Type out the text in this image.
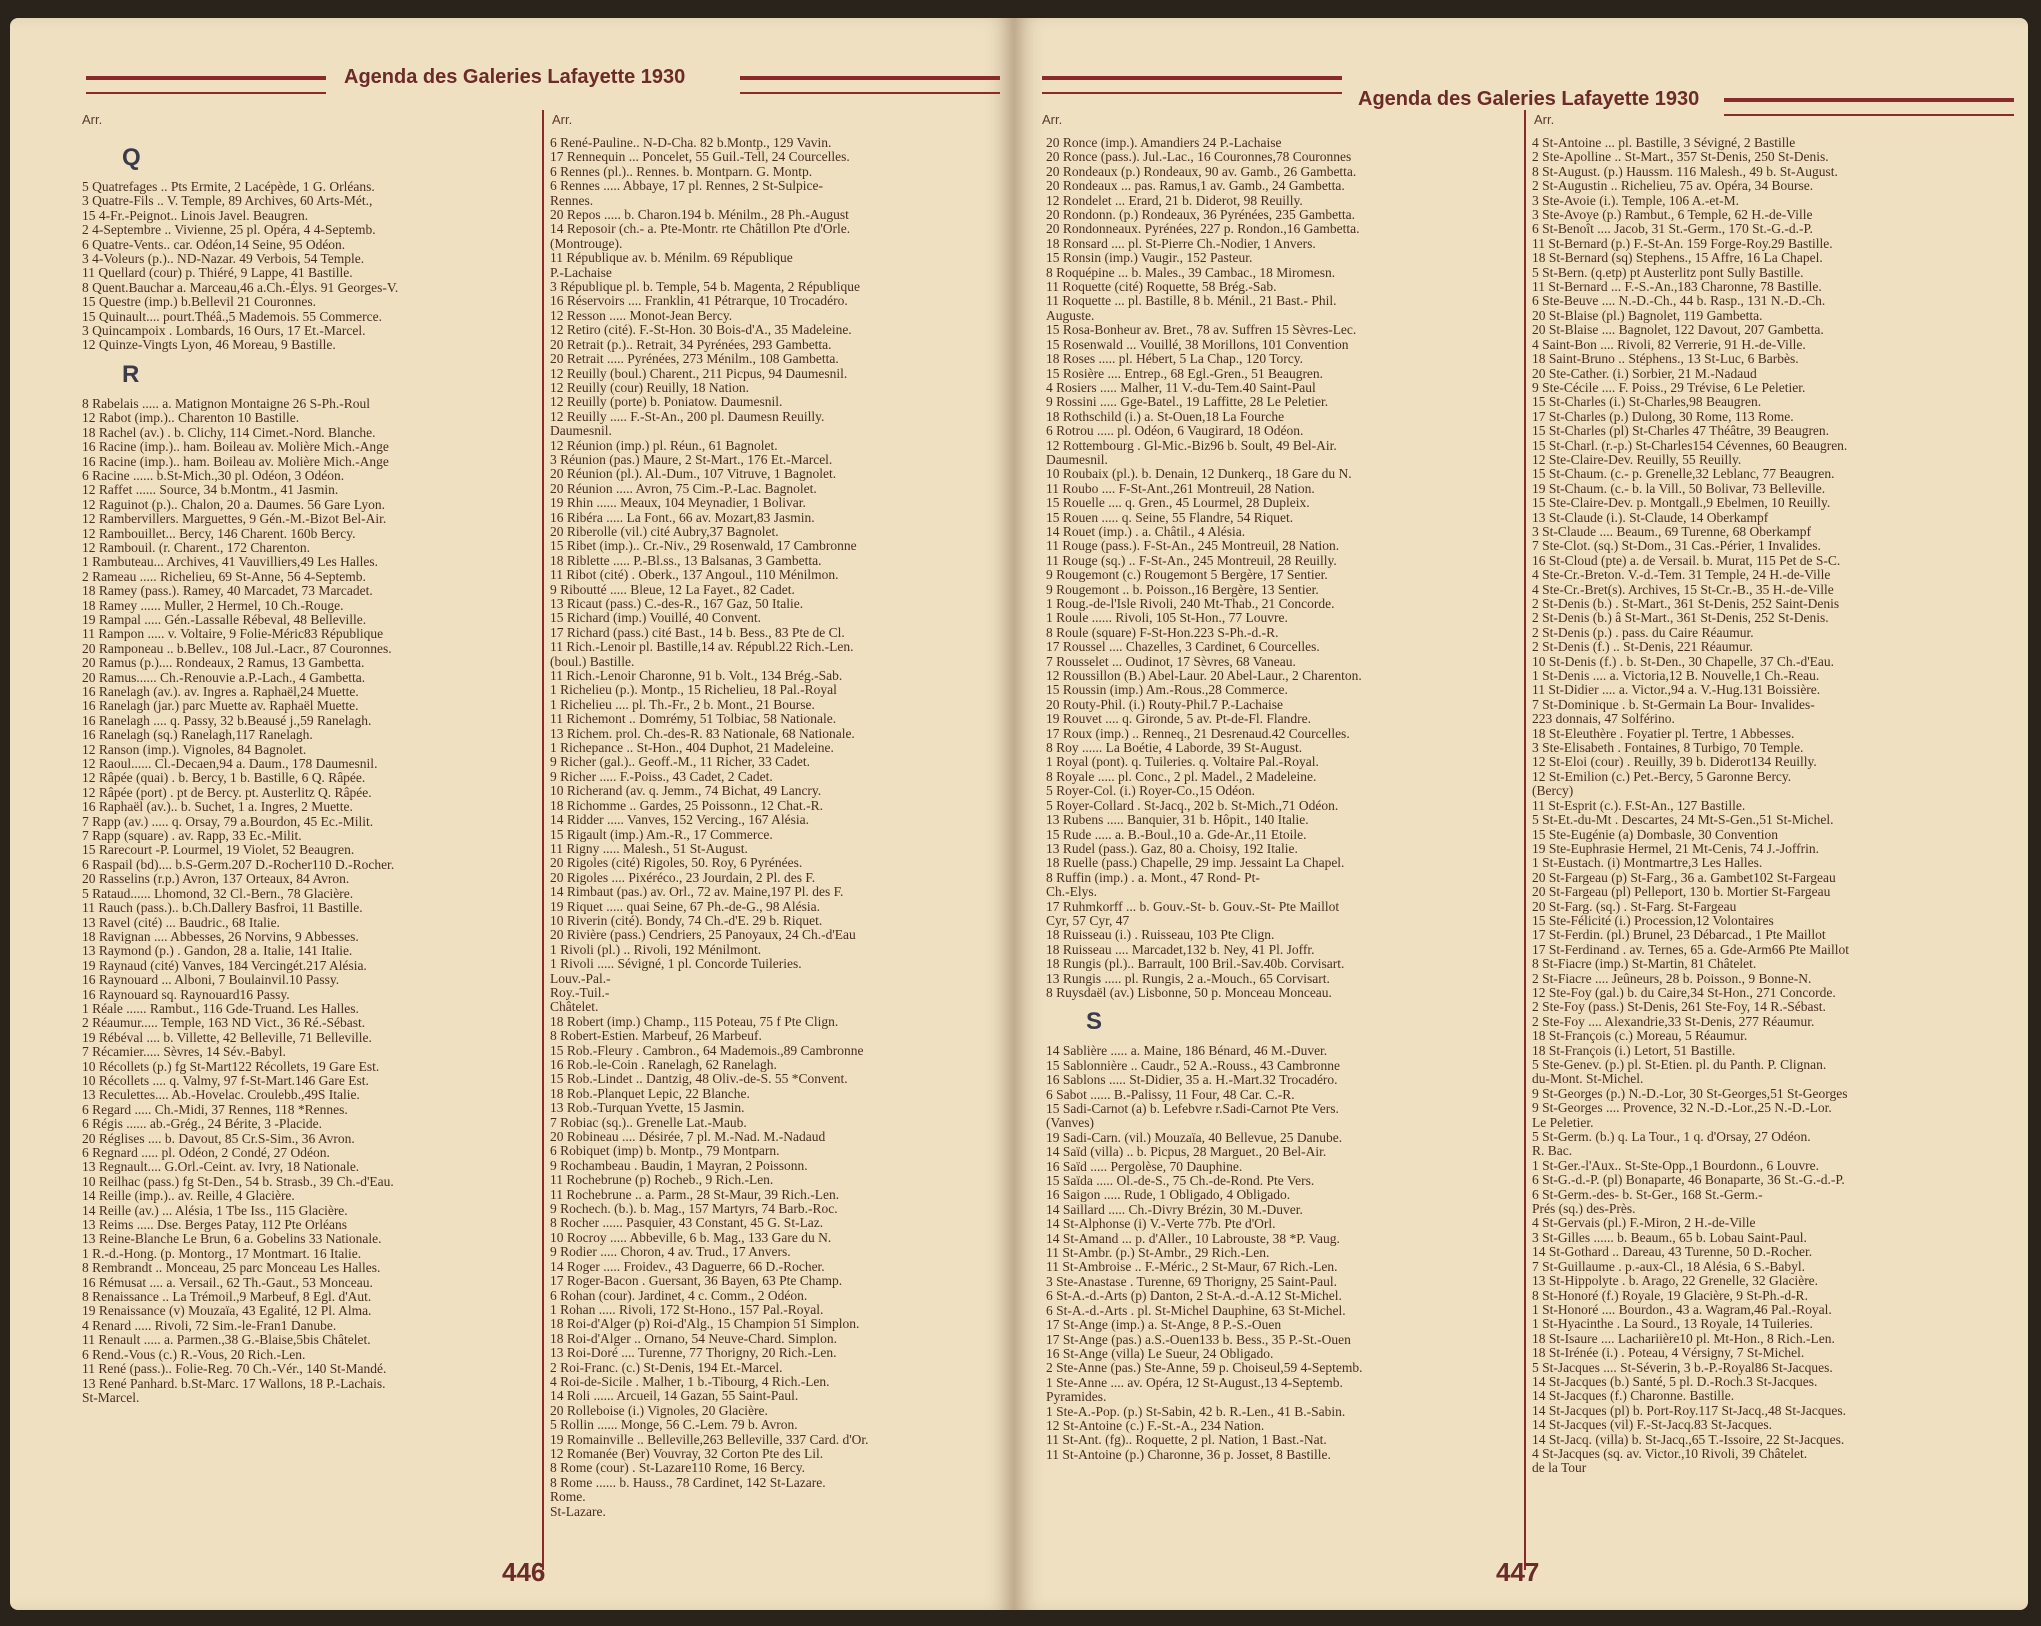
Agenda des Galeries Lafayette 1930
Arr.
Q
5 Quatrefages .. Pts Ermite, 2 Lacépède, 1 G. Orléans.
3 Quatre-Fils .. V. Temple, 89 Archives, 60 Arts-Mét.,
15 4-Fr.-Peignot.. Linois Javel. Beaugren.
2 4-Septembre .. Vivienne, 25 pl. Opéra, 4 4-Septemb.
6 Quatre-Vents.. car. Odéon,14 Seine, 95 Odéon.
3 4-Voleurs (p.).. ND-Nazar. 49 Verbois, 54 Temple.
11 Quellard (cour) p. Thiéré, 9 Lappe, 41 Bastille.
8 Quent.Bauchar a. Marceau,46 a.Ch.-Élys. 91 Georges-V.
15 Questre (imp.) b.Bellevil 21 Couronnes.
15 Quinault.... pourt.Théâ.,5 Mademois. 55 Commerce.
3 Quincampoix . Lombards, 16 Ours, 17 Et.-Marcel.
12 Quinze-Vingts Lyon, 46 Moreau, 9 Bastille.
R
8 Rabelais ..... a. Matignon Montaigne 26 S-Ph.-Roul
12 Rabot (imp.).. Charenton 10 Bastille.
18 Rachel (av.) . b. Clichy, 114 Cimet.-Nord. Blanche.
16 Racine (imp.).. ham. Boileau av. Molière Mich.-Ange
16 Racine (imp.).. ham. Boileau av. Molière Mich.-Ange
6 Racine ...... b.St-Mich.,30 pl. Odéon, 3 Odéon.
12 Raffet ...... Source, 34 b.Montm., 41 Jasmin.
12 Raguinot (p.).. Chalon, 20 a. Daumes. 56 Gare Lyon.
12 Rambervillers. Marguettes, 9 Gén.-M.-Bizot Bel-Air.
12 Rambouillet... Bercy, 146 Charent. 160b Bercy.
12 Rambouil. (r. Charent., 172 Charenton.
1 Rambuteau... Archives, 41 Vauvilliers,49 Les Halles.
2 Rameau ..... Richelieu, 69 St-Anne, 56 4-Septemb.
18 Ramey (pass.). Ramey, 40 Marcadet, 73 Marcadet.
18 Ramey ...... Muller, 2 Hermel, 10 Ch.-Rouge.
19 Rampal ..... Gén.-Lassalle Rébeval, 48 Belleville.
11 Rampon ..... v. Voltaire, 9 Folie-Méric83 République
20 Ramponeau .. b.Bellev., 108 Jul.-Lacr., 87 Couronnes.
20 Ramus (p.).... Rondeaux, 2 Ramus, 13 Gambetta.
20 Ramus...... Ch.-Renouvie a.P.-Lach., 4 Gambetta.
16 Ranelagh (av.). av. Ingres a. Raphaël,24 Muette.
16 Ranelagh (jar.) parc Muette av. Raphaël Muette.
16 Ranelagh .... q. Passy, 32 b.Beausé j.,59 Ranelagh.
16 Ranelagh (sq.) Ranelagh,117 Ranelagh.
12 Ranson (imp.). Vignoles, 84 Bagnolet.
12 Raoul...... Cl.-Decaen,94 a. Daum., 178 Daumesnil.
12 Râpée (quai) . b. Bercy, 1 b. Bastille, 6 Q. Râpée.
12 Râpée (port) . pt de Bercy. pt. Austerlitz Q. Râpée.
16 Raphaël (av.).. b. Suchet, 1 a. Ingres, 2 Muette.
7 Rapp (av.) ..... q. Orsay, 79 a.Bourdon, 45 Ec.-Milit.
7 Rapp (square) . av. Rapp, 33 Ec.-Milit.
15 Rarecourt -P. Lourmel, 19 Violet, 52 Beaugren.
6 Raspail (bd).... b.S-Germ.207 D.-Rocher110 D.-Rocher.
20 Rasselins (r.p.) Avron, 137 Orteaux, 84 Avron.
5 Rataud...... Lhomond, 32 Cl.-Bern., 78 Glacière.
11 Rauch (pass.).. b.Ch.Dallery Basfroi, 11 Bastille.
13 Ravel (cité) ... Baudric., 68 Italie.
18 Ravignan .... Abbesses, 26 Norvins, 9 Abbesses.
13 Raymond (p.) . Gandon, 28 a. Italie, 141 Italie.
19 Raynaud (cité) Vanves, 184 Vercingét.217 Alésia.
16 Raynouard ... Alboni, 7 Boulainvil.10 Passy.
16 Raynouard sq. Raynouard16 Passy.
1 Réale ...... Rambut., 116 Gde-Truand. Les Halles.
2 Réaumur..... Temple, 163 ND Vict., 36 Ré.-Sébast.
19 Rébéval .... b. Villette, 42 Belleville, 71 Belleville.
7 Récamier..... Sèvres, 14 Sév.-Babyl.
10 Récollets (p.) fg St-Mart122 Récollets, 19 Gare Est.
10 Récollets .... q. Valmy, 97 f-St-Mart.146 Gare Est.
13 Reculettes.... Ab.-Hovelac. Croulebb.,49S Italie.
6 Regard ..... Ch.-Midi, 37 Rennes, 118 *Rennes.
6 Régis ...... ab.-Grég., 24 Bérite, 3 -Placide.
20 Réglises .... b. Davout, 85 Cr.S-Sim., 36 Avron.
6 Regnard ..... pl. Odéon, 2 Condé, 27 Odéon.
13 Regnault.... G.Orl.-Ceint. av. Ivry, 18 Nationale.
10 Reilhac (pass.) fg St-Den., 54 b. Strasb., 39 Ch.-d'Eau.
14 Reille (imp.).. av. Reille, 4 Glacière.
14 Reille (av.) ... Alésia, 1 Tbe Iss., 115 Glacière.
13 Reims ..... Dse. Berges Patay, 112 Pte Orléans
13 Reine-Blanche Le Brun, 6 a. Gobelins 33 Nationale.
1 R.-d.-Hong. (p. Montorg., 17 Montmart. 16 Italie.
8 Rembrandt .. Monceau, 25 parc Monceau Les Halles.
16 Rémusat .... a. Versail., 62 Th.-Gaut., 53 Monceau.
8 Renaissance .. La Trémoil.,9 Marbeuf, 8 Egl. d'Aut.
19 Renaissance (v) Mouzaïa, 43 Egalité, 12 Pl. Alma.
4 Renard ..... Rivoli, 72 Sim.-le-Fran1 Danube.
11 Renault ..... a. Parmen.,38 G.-Blaise,5bis Châtelet.
6 Rend.-Vous (c.) R.-Vous, 20 Rich.-Len.
11 René (pass.).. Folie-Reg. 70 Ch.-Vér., 140 St-Mandé.
13 René Panhard. b.St-Marc. 17 Wallons, 18 P.-Lachais.
St-Marcel.
Arr.
6 René-Pauline.. N-D-Cha. 82 b.Montp., 129 Vavin.
17 Rennequin ... Poncelet, 55 Guil.-Tell, 24 Courcelles.
6 Rennes (pl.).. Rennes. b. Montparn. G. Montp.
6 Rennes ..... Abbaye, 17 pl. Rennes, 2 St-Sulpice-
Rennes.
20 Repos ..... b. Charon.194 b. Ménilm., 28 Ph.-August
14 Reposoir (ch.- a. Pte-Montr. rte Châtillon Pte d'Orle.
(Montrouge).
11 République av. b. Ménilm. 69 République
P.-Lachaise
3 République pl. b. Temple, 54 b. Magenta, 2 République
16 Réservoirs .... Franklin, 41 Pétrarque, 10 Trocadéro.
12 Resson ..... Monot-Jean Bercy.
12 Retiro (cité). F.-St-Hon. 30 Bois-d'A., 35 Madeleine.
20 Retrait (p.).. Retrait, 34 Pyrénées, 293 Gambetta.
20 Retrait ..... Pyrénées, 273 Ménilm., 108 Gambetta.
12 Reuilly (boul.) Charent., 211 Picpus, 94 Daumesnil.
12 Reuilly (cour) Reuilly, 18 Nation.
12 Reuilly (porte) b. Poniatow. Daumesnil.
12 Reuilly ..... F.-St-An., 200 pl. Daumesn Reuilly.
Daumesnil.
12 Réunion (imp.) pl. Réun., 61 Bagnolet.
3 Réunion (pas.) Maure, 2 St-Mart., 176 Et.-Marcel.
20 Réunion (pl.). Al.-Dum., 107 Vitruve, 1 Bagnolet.
20 Réunion ..... Avron, 75 Cim.-P.-Lac. Bagnolet.
19 Rhin ...... Meaux, 104 Meynadier, 1 Bolivar.
16 Ribéra ..... La Font., 66 av. Mozart,83 Jasmin.
20 Riberolle (vil.) cité Aubry,37 Bagnolet.
15 Ribet (imp.).. Cr.-Niv., 29 Rosenwald, 17 Cambronne
18 Riblette ..... P.-Bl.ss., 13 Balsanas, 3 Gambetta.
11 Ribot (cité) . Oberk., 137 Angoul., 110 Ménilmon.
9 Riboutté ..... Bleue, 12 La Fayet., 82 Cadet.
13 Ricaut (pass.) C.-des-R., 167 Gaz, 50 Italie.
15 Richard (imp.) Vouillé, 40 Convent.
17 Richard (pass.) cité Bast., 14 b. Bess., 83 Pte de Cl.
11 Rich.-Lenoir pl. Bastille,14 av. Républ.22 Rich.-Len.
(boul.) Bastille.
11 Rich.-Lenoir Charonne, 91 b. Volt., 134 Brég.-Sab.
1 Richelieu (p.). Montp., 15 Richelieu, 18 Pal.-Royal
1 Richelieu .... pl. Th.-Fr., 2 b. Mont., 21 Bourse.
11 Richemont .. Domrémy, 51 Tolbiac, 58 Nationale.
13 Richem. prol. Ch.-des-R. 83 Nationale, 68 Nationale.
1 Richepance .. St-Hon., 404 Duphot, 21 Madeleine.
9 Richer (gal.).. Geoff.-M., 11 Richer, 33 Cadet.
9 Richer ..... F.-Poiss., 43 Cadet, 2 Cadet.
10 Richerand (av. q. Jemm., 74 Bichat, 49 Lancry.
18 Richomme .. Gardes, 25 Poissonn., 12 Chat.-R.
14 Ridder ..... Vanves, 152 Vercing., 167 Alésia.
15 Rigault (imp.) Am.-R., 17 Commerce.
11 Rigny ..... Malesh., 51 St-August.
20 Rigoles (cité) Rigoles, 50. Roy, 6 Pyrénées.
20 Rigoles .... Pixéréco., 23 Jourdain, 2 Pl. des F.
14 Rimbaut (pas.) av. Orl., 72 av. Maine,197 Pl. des F.
19 Riquet ..... quai Seine, 67 Ph.-de-G., 98 Alésia.
10 Riverin (cité). Bondy, 74 Ch.-d'E. 29 b. Riquet.
20 Rivière (pass.) Cendriers, 25 Panoyaux, 24 Ch.-d'Eau
1 Rivoli (pl.) .. Rivoli, 192 Ménilmont.
1 Rivoli ..... Sévigné, 1 pl. Concorde Tuileries.
Louv.-Pal.-
Roy.-Tuil.-
Châtelet.
18 Robert (imp.) Champ., 115 Poteau, 75 f Pte Clign.
8 Robert-Estien. Marbeuf, 26 Marbeuf.
15 Rob.-Fleury . Cambron., 64 Mademois.,89 Cambronne
16 Rob.-le-Coin . Ranelagh, 62 Ranelagh.
15 Rob.-Lindet .. Dantzig, 48 Oliv.-de-S. 55 *Convent.
18 Rob.-Planquet Lepic, 22 Blanche.
13 Rob.-Turquan Yvette, 15 Jasmin.
7 Robiac (sq.).. Grenelle Lat.-Maub.
20 Robineau .... Désirée, 7 pl. M.-Nad. M.-Nadaud
6 Robiquet (imp) b. Montp., 79 Montparn.
9 Rochambeau . Baudin, 1 Mayran, 2 Poissonn.
11 Rochebrune (p) Rocheb., 9 Rich.-Len.
11 Rochebrune .. a. Parm., 28 St-Maur, 39 Rich.-Len.
9 Rochech. (b.). b. Mag., 157 Martyrs, 74 Barb.-Roc.
8 Rocher ...... Pasquier, 43 Constant, 45 G. St-Laz.
10 Rocroy ..... Abbeville, 6 b. Mag., 133 Gare du N.
9 Rodier ..... Choron, 4 av. Trud., 17 Anvers.
14 Roger ..... Froidev., 43 Daguerre, 66 D.-Rocher.
17 Roger-Bacon . Guersant, 36 Bayen, 63 Pte Champ.
6 Rohan (cour). Jardinet, 4 c. Comm., 2 Odéon.
1 Rohan ..... Rivoli, 172 St-Hono., 157 Pal.-Royal.
18 Roi-d'Alger (p) Roi-d'Alg., 15 Champion 51 Simplon.
18 Roi-d'Alger .. Ornano, 54 Neuve-Chard. Simplon.
13 Roi-Doré .... Turenne, 77 Thorigny, 20 Rich.-Len.
2 Roi-Franc. (c.) St-Denis, 194 Et.-Marcel.
4 Roi-de-Sicile . Malher, 1 b.-Tibourg, 4 Rich.-Len.
14 Roli ...... Arcueil, 14 Gazan, 55 Saint-Paul.
20 Rolleboise (i.) Vignoles, 20 Glacière.
5 Rollin ...... Monge, 56 C.-Lem. 79 b. Avron.
19 Romainville .. Belleville,263 Belleville, 337 Card. d'Or.
12 Romanée (Ber) Vouvray, 32 Corton Pte des Lil.
8 Rome (cour) . St-Lazare110 Rome, 16 Bercy.
8 Rome ...... b. Hauss., 78 Cardinet, 142 St-Lazare.
Rome.
St-Lazare.
446
Agenda des Galeries Lafayette 1930
Arr.
20 Ronce (imp.). Amandiers 24 P.-Lachaise
20 Ronce (pass.). Jul.-Lac., 16 Couronnes,78 Couronnes
20 Rondeaux (p.) Rondeaux, 90 av. Gamb., 26 Gambetta.
20 Rondeaux ... pas. Ramus,1 av. Gamb., 24 Gambetta.
12 Rondelet ... Erard, 21 b. Diderot, 98 Reuilly.
20 Rondonn. (p.) Rondeaux, 36 Pyrénées, 235 Gambetta.
20 Rondonneaux. Pyrénées, 227 p. Rondon.,16 Gambetta.
18 Ronsard .... pl. St-Pierre Ch.-Nodier, 1 Anvers.
15 Ronsin (imp.) Vaugir., 152 Pasteur.
8 Roquépine ... b. Males., 39 Cambac., 18 Miromesn.
11 Roquette (cité) Roquette, 58 Brég.-Sab.
11 Roquette ... pl. Bastille, 8 b. Ménil., 21 Bast.- Phil.
Auguste.
15 Rosa-Bonheur av. Bret., 78 av. Suffren 15 Sèvres-Lec.
15 Rosenwald ... Vouillé, 38 Morillons, 101 Convention
18 Roses ..... pl. Hébert, 5 La Chap., 120 Torcy.
15 Rosière .... Entrep., 68 Egl.-Gren., 51 Beaugren.
4 Rosiers ..... Malher, 11 V.-du-Tem.40 Saint-Paul
9 Rossini ..... Gge-Batel., 19 Laffitte, 28 Le Peletier.
18 Rothschild (i.) a. St-Ouen,18 La Fourche
6 Rotrou ..... pl. Odéon, 6 Vaugirard, 18 Odéon.
12 Rottembourg . Gl-Mic.-Biz96 b. Soult, 49 Bel-Air.
Daumesnil.
10 Roubaix (pl.). b. Denain, 12 Dunkerq., 18 Gare du N.
11 Roubo .... F-St-Ant.,261 Montreuil, 28 Nation.
15 Rouelle .... q. Gren., 45 Lourmel, 28 Dupleix.
15 Rouen ..... q. Seine, 55 Flandre, 54 Riquet.
14 Rouet (imp.) . a. Châtil., 4 Alésia.
11 Rouge (pass.). F-St-An., 245 Montreuil, 28 Nation.
11 Rouge (sq.) .. F-St-An., 245 Montreuil, 28 Reuilly.
9 Rougemont (c.) Rougemont 5 Bergère, 17 Sentier.
9 Rougemont .. b. Poisson.,16 Bergère, 13 Sentier.
1 Roug.-de-l'Isle Rivoli, 240 Mt-Thab., 21 Concorde.
1 Roule ...... Rivoli, 105 St-Hon., 77 Louvre.
8 Roule (square) F-St-Hon.223 S-Ph.-d.-R.
17 Roussel .... Chazelles, 3 Cardinet, 6 Courcelles.
7 Rousselet ... Oudinot, 17 Sèvres, 68 Vaneau.
12 Roussillon (B.) Abel-Laur. 20 Abel-Laur., 2 Charenton.
15 Roussin (imp.) Am.-Rous.,28 Commerce.
20 Routy-Phil. (i.) Routy-Phil.7 P.-Lachaise
19 Rouvet .... q. Gironde, 5 av. Pt-de-Fl. Flandre.
17 Roux (imp.) .. Renneq., 21 Desrenaud.42 Courcelles.
8 Roy ...... La Boétie, 4 Laborde, 39 St-August.
1 Royal (pont). q. Tuileries. q. Voltaire Pal.-Royal.
8 Royale ..... pl. Conc., 2 pl. Madel., 2 Madeleine.
5 Royer-Col. (i.) Royer-Co.,15 Odéon.
5 Royer-Collard . St-Jacq., 202 b. St-Mich.,71 Odéon.
13 Rubens ..... Banquier, 31 b. Hôpit., 140 Italie.
15 Rude ..... a. B.-Boul.,10 a. Gde-Ar.,11 Etoile.
13 Rudel (pass.). Gaz, 80 a. Choisy, 192 Italie.
18 Ruelle (pass.) Chapelle, 29 imp. Jessaint La Chapel.
8 Ruffin (imp.) . a. Mont., 47 Rond- Pt-
Ch.-Elys.
17 Ruhmkorff ... b. Gouv.-St- b. Gouv.-St- Pte Maillot
Cyr, 57 Cyr, 47
18 Ruisseau (i.) . Ruisseau, 103 Pte Clign.
18 Ruisseau .... Marcadet,132 b. Ney, 41 Pl. Joffr.
18 Rungis (pl.).. Barrault, 100 Bril.-Sav.40b. Corvisart.
13 Rungis ..... pl. Rungis, 2 a.-Mouch., 65 Corvisart.
8 Ruysdaël (av.) Lisbonne, 50 p. Monceau Monceau.
S
14 Sablière ..... a. Maine, 186 Bénard, 46 M.-Duver.
15 Sablonnière .. Caudr., 52 A.-Rouss., 43 Cambronne
16 Sablons ..... St-Didier, 35 a. H.-Mart.32 Trocadéro.
6 Sabot ...... B.-Palissy, 11 Four, 48 Car. C.-R.
15 Sadi-Carnot (a) b. Lefebvre r.Sadi-Carnot Pte Vers.
(Vanves)
19 Sadi-Carn. (vil.) Mouzaïa, 40 Bellevue, 25 Danube.
14 Saïd (villa) .. b. Picpus, 28 Marguet., 20 Bel-Air.
16 Saïd ..... Pergolèse, 70 Dauphine.
15 Saïda ..... Ol.-de-S., 75 Ch.-de-Rond. Pte Vers.
16 Saigon ..... Rude, 1 Obligado, 4 Obligado.
14 Saillard ..... Ch.-Divry Brézin, 30 M.-Duver.
14 St-Alphonse (i) V.-Verte 77b. Pte d'Orl.
14 St-Amand ... p. d'Aller., 10 Labrouste, 38 *P. Vaug.
11 St-Ambr. (p.) St-Ambr., 29 Rich.-Len.
11 St-Ambroise .. F.-Méric., 2 St-Maur, 67 Rich.-Len.
3 Ste-Anastase . Turenne, 69 Thorigny, 25 Saint-Paul.
6 St-A.-d.-Arts (p) Danton, 2 St-A.-d.-A.12 St-Michel.
6 St-A.-d.-Arts . pl. St-Michel Dauphine, 63 St-Michel.
17 St-Ange (imp.) a. St-Ange, 8 P.-S.-Ouen
17 St-Ange (pas.) a.S.-Ouen133 b. Bess., 35 P.-St.-Ouen
16 St-Ange (villa) Le Sueur, 24 Obligado.
2 Ste-Anne (pas.) Ste-Anne, 59 p. Choiseul,59 4-Septemb.
1 Ste-Anne .... av. Opéra, 12 St-August.,13 4-Septemb.
Pyramides.
1 Ste-A.-Pop. (p.) St-Sabin, 42 b. R.-Len., 41 B.-Sabin.
12 St-Antoine (c.) F.-St.-A., 234 Nation.
11 St-Ant. (fg).. Roquette, 2 pl. Nation, 1 Bast.-Nat.
11 St-Antoine (p.) Charonne, 36 p. Josset, 8 Bastille.
Arr.
4 St-Antoine ... pl. Bastille, 3 Sévigné, 2 Bastille
2 Ste-Apolline .. St-Mart., 357 St-Denis, 250 St-Denis.
8 St-August. (p.) Haussm. 116 Malesh., 49 b. St-August.
2 St-Augustin .. Richelieu, 75 av. Opéra, 34 Bourse.
3 Ste-Avoie (i.). Temple, 106 A.-et-M.
3 Ste-Avoye (p.) Rambut., 6 Temple, 62 H.-de-Ville
6 St-Benoît .... Jacob, 31 St.-Germ., 170 St.-G.-d.-P.
11 St-Bernard (p.) F.-St-An. 159 Forge-Roy.29 Bastille.
18 St-Bernard (sq) Stephens., 15 Affre, 16 La Chapel.
5 St-Bern. (q.etp) pt Austerlitz pont Sully Bastille.
11 St-Bernard ... F.-S.-An.,183 Charonne, 78 Bastille.
6 Ste-Beuve .... N.-D.-Ch., 44 b. Rasp., 131 N.-D.-Ch.
20 St-Blaise (pl.) Bagnolet, 119 Gambetta.
20 St-Blaise .... Bagnolet, 122 Davout, 207 Gambetta.
4 Saint-Bon .... Rivoli, 82 Verrerie, 91 H.-de-Ville.
18 Saint-Bruno .. Stéphens., 13 St-Luc, 6 Barbès.
20 Ste-Cather. (i.) Sorbier, 21 M.-Nadaud
9 Ste-Cécile .... F. Poiss., 29 Trévise, 6 Le Peletier.
15 St-Charles (i.) St-Charles,98 Beaugren.
17 St-Charles (p.) Dulong, 30 Rome, 113 Rome.
15 St-Charles (pl) St-Charles 47 Théâtre, 39 Beaugren.
15 St-Charl. (r.-p.) St-Charles154 Cévennes, 60 Beaugren.
12 Ste-Claire-Dev. Reuilly, 55 Reuilly.
15 St-Chaum. (c.- p. Grenelle,32 Leblanc, 77 Beaugren.
19 St-Chaum. (c.- b. la Vill., 50 Bolivar, 73 Belleville.
15 Ste-Claire-Dev. p. Montgall.,9 Ebelmen, 10 Reuilly.
13 St-Claude (i.). St-Claude, 14 Oberkampf
3 St-Claude .... Beaum., 69 Turenne, 68 Oberkampf
7 Ste-Clot. (sq.) St-Dom., 31 Cas.-Périer, 1 Invalides.
16 St-Cloud (pte) a. de Versail. b. Murat, 115 Pet de S-C.
4 Ste-Cr.-Breton. V.-d.-Tem. 31 Temple, 24 H.-de-Ville
4 Ste-Cr.-Bret(s). Archives, 15 St-Cr.-B., 35 H.-de-Ville
2 St-Denis (b.) . St-Mart., 361 St-Denis, 252 Saint-Denis
2 St-Denis (b.) â St-Mart., 361 St-Denis, 252 St-Denis.
2 St-Denis (p.) . pass. du Caire Réaumur.
2 St-Denis (f.) .. St-Denis, 221 Réaumur.
10 St-Denis (f.) . b. St-Den., 30 Chapelle, 37 Ch.-d'Eau.
1 St-Denis .... a. Victoria,12 B. Nouvelle,1 Ch.-Reau.
11 St-Didier .... a. Victor.,94 a. V.-Hug.131 Boissière.
7 St-Dominique . b. St-Germain La Bour- Invalides-
223 donnais, 47 Solférino.
18 St-Eleuthère . Foyatier pl. Tertre, 1 Abbesses.
3 Ste-Elisabeth . Fontaines, 8 Turbigo, 70 Temple.
12 St-Eloi (cour) . Reuilly, 39 b. Diderot134 Reuilly.
12 St-Emilion (c.) Pet.-Bercy, 5 Garonne Bercy.
(Bercy)
11 St-Esprit (c.). F.St-An., 127 Bastille.
5 St-Et.-du-Mt . Descartes, 24 Mt-S-Gen.,51 St-Michel.
15 Ste-Eugénie (a) Dombasle, 30 Convention
19 Ste-Euphrasie Hermel, 21 Mt-Cenis, 74 J.-Joffrin.
1 St-Eustach. (i) Montmartre,3 Les Halles.
20 St-Fargeau (p) St-Farg., 36 a. Gambet102 St-Fargeau
20 St-Fargeau (pl) Pelleport, 130 b. Mortier St-Fargeau
20 St-Farg. (sq.) . St-Farg. St-Fargeau
15 Ste-Félicité (i.) Procession,12 Volontaires
17 St-Ferdin. (pl.) Brunel, 23 Débarcad., 1 Pte Maillot
17 St-Ferdinand . av. Ternes, 65 a. Gde-Arm66 Pte Maillot
8 St-Fiacre (imp.) St-Martin, 81 Châtelet.
2 St-Fiacre .... Jeûneurs, 28 b. Poisson., 9 Bonne-N.
12 Ste-Foy (gal.) b. du Caire,34 St-Hon., 271 Concorde.
2 Ste-Foy (pass.) St-Denis, 261 Ste-Foy, 14 R.-Sébast.
2 Ste-Foy .... Alexandrie,33 St-Denis, 277 Réaumur.
18 St-François (c.) Moreau, 5 Réaumur.
18 St-François (i.) Letort, 51 Bastille.
5 Ste-Genev. (p.) pl. St-Etien. pl. du Panth. P. Clignan.
du-Mont. St-Michel.
9 St-Georges (p.) N.-D.-Lor, 30 St-Georges,51 St-Georges
9 St-Georges .... Provence, 32 N.-D.-Lor.,25 N.-D.-Lor.
Le Peletier.
5 St-Germ. (b.) q. La Tour., 1 q. d'Orsay, 27 Odéon.
R. Bac.
1 St-Ger.-l'Aux.. St-Ste-Opp.,1 Bourdonn., 6 Louvre.
6 St-G.-d.-P. (pl) Bonaparte, 46 Bonaparte, 36 St.-G.-d.-P.
6 St-Germ.-des- b. St-Ger., 168 St.-Germ.-
Prés (sq.) des-Près.
4 St-Gervais (pl.) F.-Miron, 2 H.-de-Ville
3 St-Gilles ...... b. Beaum., 65 b. Lobau Saint-Paul.
14 St-Gothard .. Dareau, 43 Turenne, 50 D.-Rocher.
7 St-Guillaume . p.-aux-Cl., 18 Alésia, 6 S.-Babyl.
13 St-Hippolyte . b. Arago, 22 Grenelle, 32 Glacière.
8 St-Honoré (f.) Royale, 19 Glacière, 9 St-Ph.-d-R.
1 St-Honoré .... Bourdon., 43 a. Wagram,46 Pal.-Royal.
1 St-Hyacinthe . La Sourd., 13 Royale, 14 Tuileries.
18 St-Isaure .... Lachariière10 pl. Mt-Hon., 8 Rich.-Len.
18 St-Irénée (i.) . Poteau, 4 Vérsigny, 7 St-Michel.
5 St-Jacques .... St-Séverin, 3 b.-P.-Royal86 St-Jacques.
14 St-Jacques (b.) Santé, 5 pl. D.-Roch.3 St-Jacques.
14 St-Jacques (f.) Charonne. Bastille.
14 St-Jacques (pl) b. Port-Roy.117 St-Jacq.,48 St-Jacques.
14 St-Jacques (vil) F.-St-Jacq.83 St-Jacques.
14 St-Jacq. (villa) b. St-Jacq.,65 T.-Issoire, 22 St-Jacques.
4 St-Jacques (sq. av. Victor.,10 Rivoli, 39 Châtelet.
de la Tour
447
